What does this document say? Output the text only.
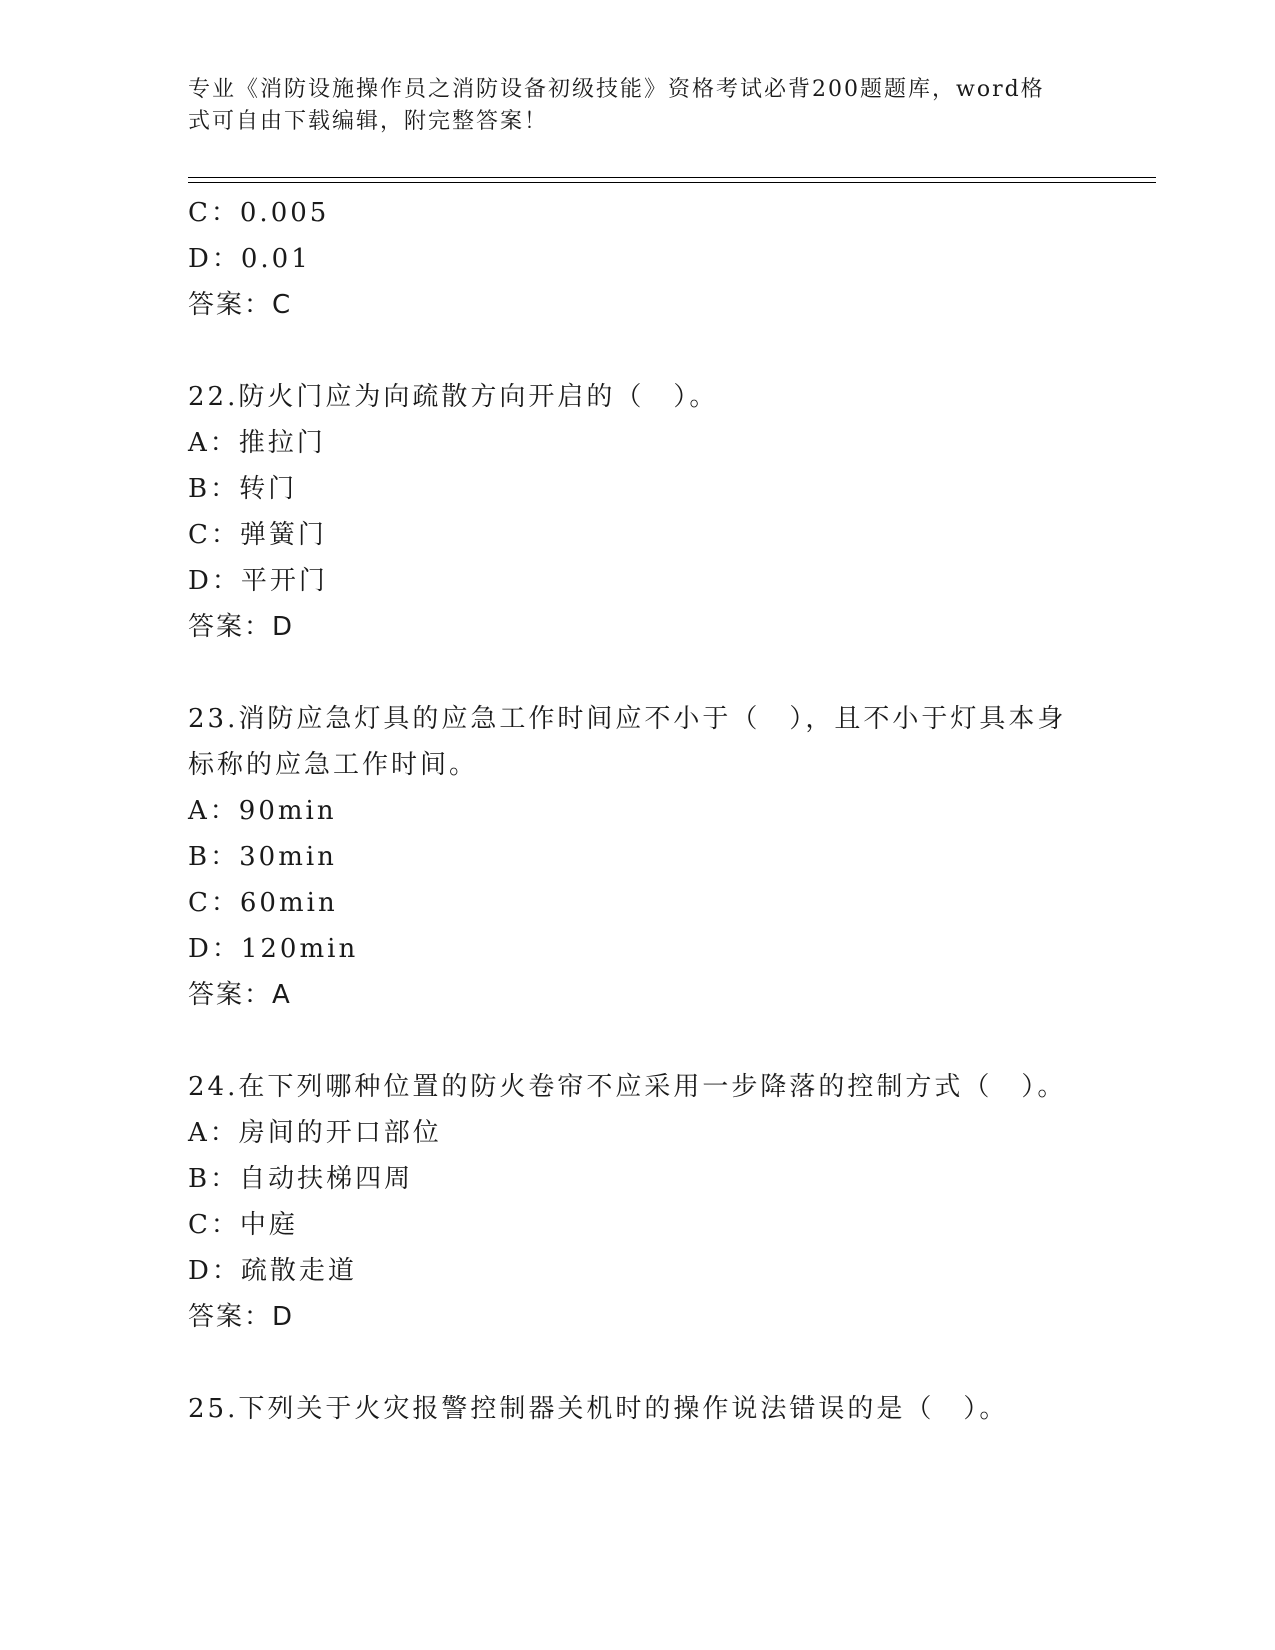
专业《消防设施操作员之消防设备初级技能》资格考试必背200题题库，word格式可自由下载编辑，附完整答案！
C：0.005
D：0.01
答案：C
22.防火门应为向疏散方向开启的（　）。
A：推拉门
B：转门
C：弹簧门
D：平开门
答案：D
23.消防应急灯具的应急工作时间应不小于（　），且不小于灯具本身标称的应急工作时间。
A：90min
B：30min
C：60min
D：120min
答案：A
24.在下列哪种位置的防火卷帘不应采用一步降落的控制方式（　）。
A：房间的开口部位
B：自动扶梯四周
C：中庭
D：疏散走道
答案：D
25.下列关于火灾报警控制器关机时的操作说法错误的是（　）。
